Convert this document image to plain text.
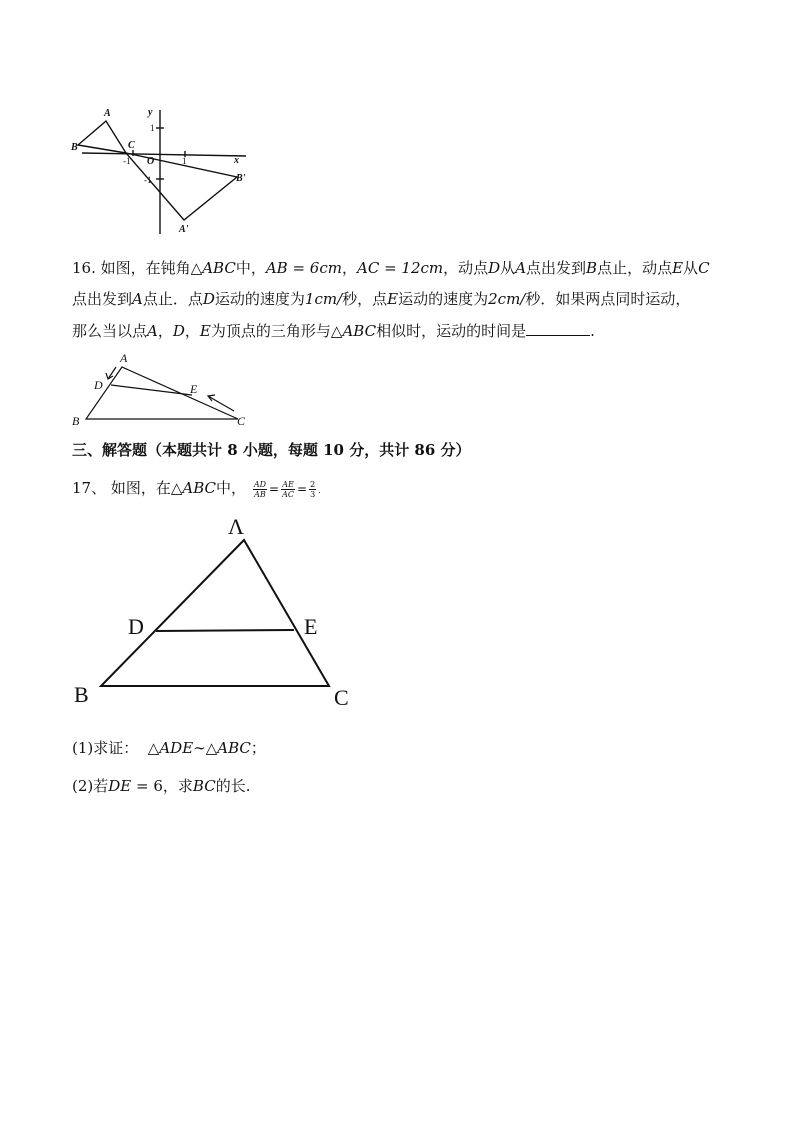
A
B	C
O
B'
A'
x
y
1
1
-1
-1
16. 如图，在钝角△ABC中，AB = 6cm，AC = 12cm，动点D从A点出发到B点止，动点E从C
点出发到A点止．点D运动的速度为1cm/秒，点E运动的速度为2cm/秒．如果两点同时运动，
那么当以点A，D，E为顶点的三角形与△ABC相似时，运动的时间是	.
A
B	C
D	E
三、解答题（本题共计 8 小题，每题 10 分，共计 86 分）
17、 如图，在△ABC中， $\frac{AD}{AB} = \frac{AE}{AC} = \frac{2}{3}$ .
Λ
B	C
D	E
(1)求证： △ADE∼△ABC；
(2)若DE = 6，求BC的长.
